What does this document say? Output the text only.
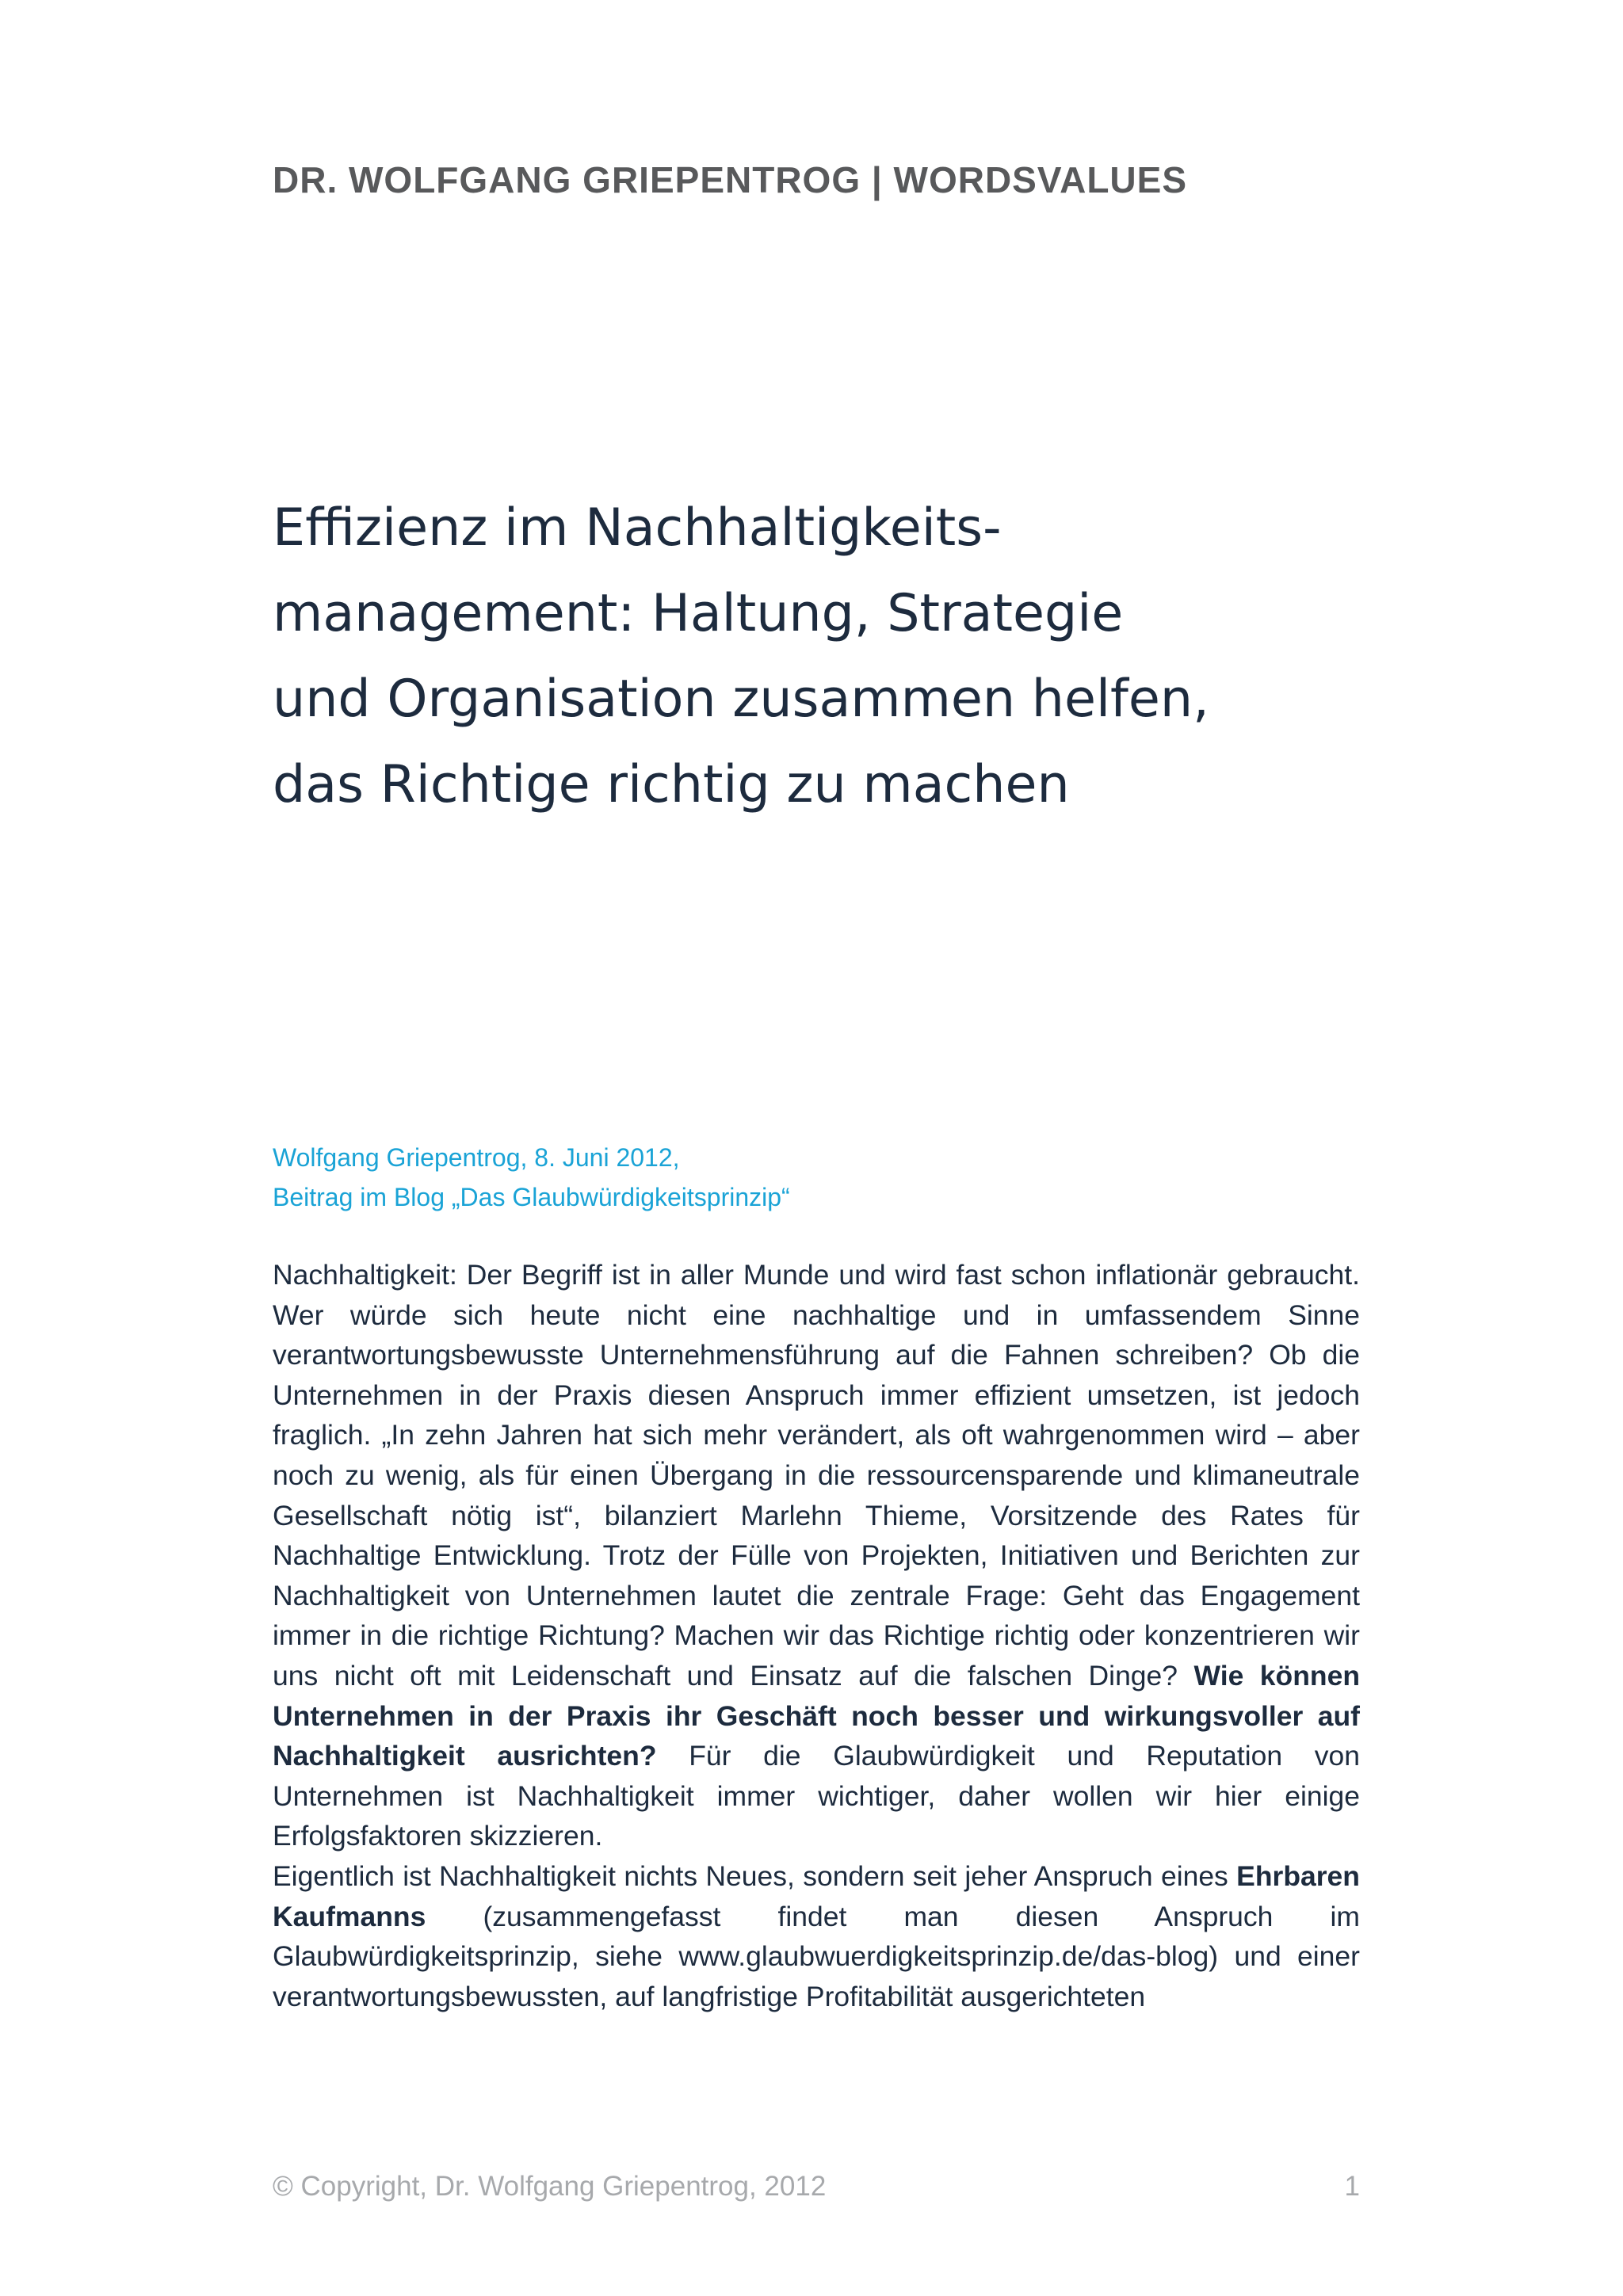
DR. WOLFGANG GRIEPENTROG | WORDSVALUES
Effizienz im Nachhaltigkeits-
management: Haltung, Strategie
und Organisation zusammen helfen,
das Richtige richtig zu machen
Wolfgang Griepentrog, 8. Juni 2012,
Beitrag im Blog „Das Glaubwürdigkeitsprinzip“

Nachhaltigkeit: Der Begriff ist in aller Munde und wird fast schon inflationär gebraucht. Wer würde sich heute nicht eine nachhaltige und in umfassendem Sinne verantwortungsbewusste Unternehmensführung auf die Fahnen schreiben? Ob die Unternehmen in der Praxis diesen Anspruch immer effizient umsetzen, ist jedoch fraglich. „In zehn Jahren hat sich mehr verändert, als oft wahrgenommen wird – aber noch zu wenig, als für einen Übergang in die ressourcensparende und klimaneutrale Gesellschaft nötig ist“, bilanziert Marlehn Thieme, Vorsitzende des Rates für Nachhaltige Entwicklung. Trotz der Fülle von Projekten, Initiativen und Berichten zur Nachhaltigkeit von Unternehmen lautet die zentrale Frage: Geht das Engagement immer in die richtige Richtung? Machen wir das Richtige richtig oder konzentrieren wir uns nicht oft mit Leidenschaft und Einsatz auf die falschen Dinge? Wie können Unternehmen in der Praxis ihr Geschäft noch besser und wirkungsvoller auf Nachhaltigkeit ausrichten? Für die Glaubwürdigkeit und Reputation von Unternehmen ist Nachhaltigkeit immer wichtiger, daher wollen wir hier einige Erfolgsfaktoren skizzieren.

Eigentlich ist Nachhaltigkeit nichts Neues, sondern seit jeher Anspruch eines Ehrbaren Kaufmanns (zusammengefasst findet man diesen Anspruch im Glaubwürdigkeitsprinzip, siehe www.glaubwuerdigkeitsprinzip.de/das-blog) und einer verantwortungsbewussten, auf langfristige Profitabilität ausgerichteten

© Copyright, Dr. Wolfgang Griepentrog, 2012	1
